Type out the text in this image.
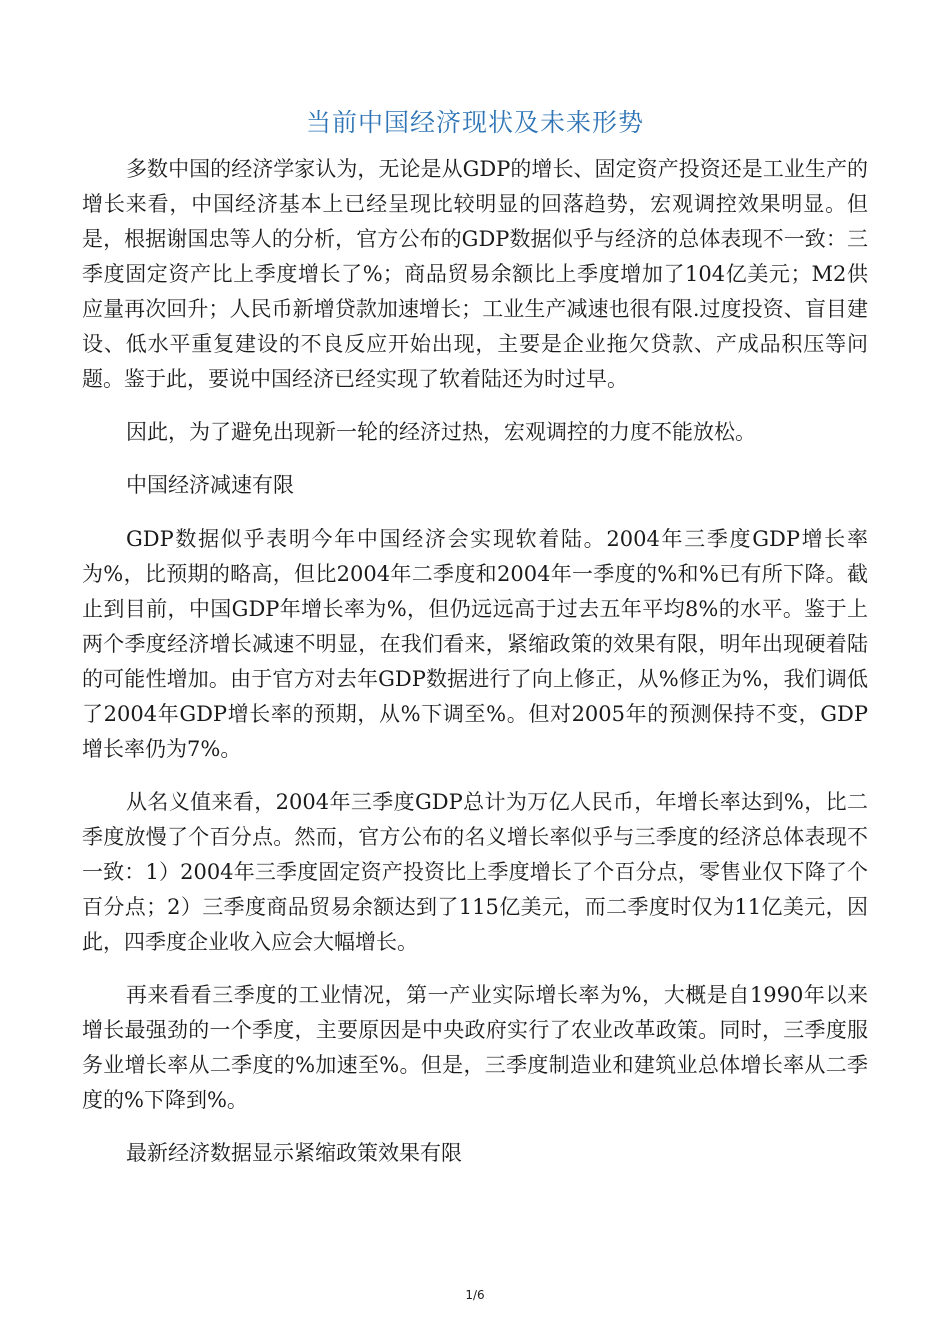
当前中国经济现状及未来形势

多数中国的经济学家认为，无论是从GDP的增长、固定资产投资还是工业生产的增长来看，中国经济基本上已经呈现比较明显的回落趋势，宏观调控效果明显。但是，根据谢国忠等人的分析，官方公布的GDP数据似乎与经济的总体表现不一致：三季度固定资产比上季度增长了%；商品贸易余额比上季度增加了104亿美元；M2供应量再次回升；人民币新增贷款加速增长；工业生产减速也很有限.过度投资、盲目建设、低水平重复建设的不良反应开始出现，主要是企业拖欠贷款、产成品积压等问题。鉴于此，要说中国经济已经实现了软着陆还为时过早。

因此，为了避免出现新一轮的经济过热，宏观调控的力度不能放松。

中国经济减速有限

GDP数据似乎表明今年中国经济会实现软着陆。2004年三季度GDP增长率为%，比预期的略高，但比2004年二季度和2004年一季度的%和%已有所下降。截止到目前，中国GDP年增长率为%，但仍远远高于过去五年平均8%的水平。鉴于上两个季度经济增长减速不明显，在我们看来，紧缩政策的效果有限，明年出现硬着陆的可能性增加。由于官方对去年GDP数据进行了向上修正，从%修正为%，我们调低了2004年GDP增长率的预期，从%下调至%。但对2005年的预测保持不变，GDP增长率仍为7%。

从名义值来看，2004年三季度GDP总计为万亿人民币，年增长率达到%，比二季度放慢了个百分点。然而，官方公布的名义增长率似乎与三季度的经济总体表现不一致：1）2004年三季度固定资产投资比上季度增长了个百分点，零售业仅下降了个百分点；2）三季度商品贸易余额达到了115亿美元，而二季度时仅为11亿美元，因此，四季度企业收入应会大幅增长。

再来看看三季度的工业情况，第一产业实际增长率为%，大概是自1990年以来增长最强劲的一个季度，主要原因是中央政府实行了农业改革政策。同时，三季度服务业增长率从二季度的%加速至%。但是，三季度制造业和建筑业总体增长率从二季度的%下降到%。

最新经济数据显示紧缩政策效果有限

1/6
